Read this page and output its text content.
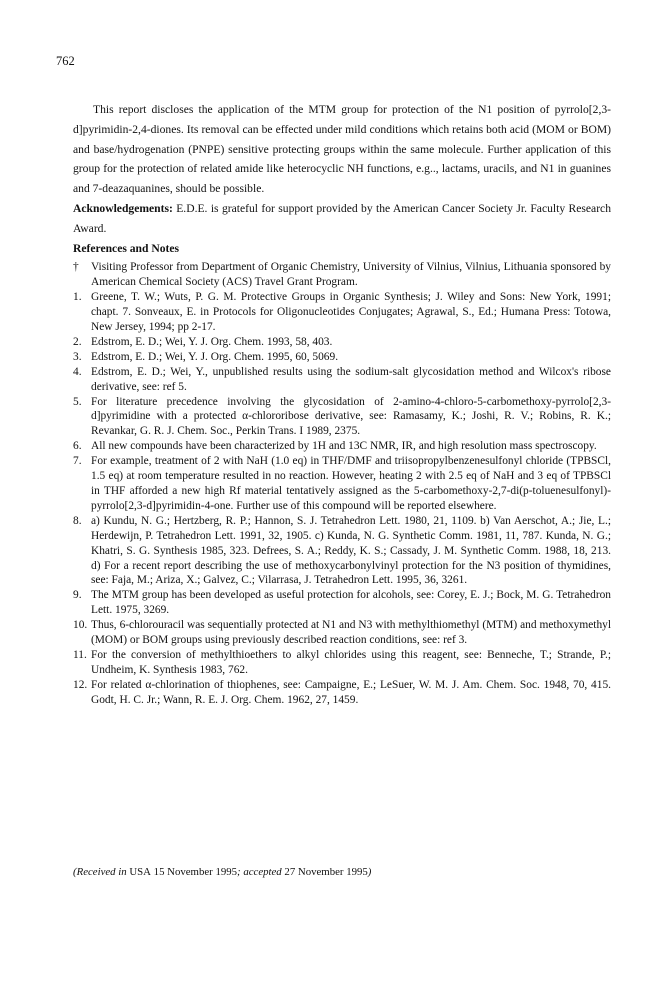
762

This report discloses the application of the MTM group for protection of the N1 position of pyrrolo[2,3-d]pyrimidin-2,4-diones. Its removal can be effected under mild conditions which retains both acid (MOM or BOM) and base/hydrogenation (PNPE) sensitive protecting groups within the same molecule. Further application of this group for the protection of related amide like heterocyclic NH functions, e.g.., lactams, uracils, and N1 in guanines and 7-deazaquanines, should be possible.

Acknowledgements: E.D.E. is grateful for support provided by the American Cancer Society Jr. Faculty Research Award.

References and Notes

†	Visiting Professor from Department of Organic Chemistry, University of Vilnius, Vilnius, Lithuania sponsored by American Chemical Society (ACS) Travel Grant Program.
1. Greene, T. W.; Wuts, P. G. M. Protective Groups in Organic Synthesis; J. Wiley and Sons: New York, 1991; chapt. 7. Sonveaux, E. in Protocols for Oligonucleotides Conjugates; Agrawal, S., Ed.; Humana Press: Totowa, New Jersey, 1994; pp 2-17.
2. Edstrom, E. D.; Wei, Y. J. Org. Chem. 1993, 58, 403.
3. Edstrom, E. D.; Wei, Y. J. Org. Chem. 1995, 60, 5069.
4. Edstrom, E. D.; Wei, Y., unpublished results using the sodium-salt glycosidation method and Wilcox's ribose derivative, see: ref 5.
5. For literature precedence involving the glycosidation of 2-amino-4-chloro-5-carbomethoxy-pyrrolo[2,3-d]pyrimidine with a protected α-chlororibose derivative, see: Ramasamy, K.; Joshi, R. V.; Robins, R. K.; Revankar, G. R. J. Chem. Soc., Perkin Trans. I 1989, 2375.
6. All new compounds have been characterized by 1H and 13C NMR, IR, and high resolution mass spectroscopy.
7. For example, treatment of 2 with NaH (1.0 eq) in THF/DMF and triisopropylbenzenesulfonyl chloride (TPBSCl, 1.5 eq) at room temperature resulted in no reaction. However, heating 2 with 2.5 eq of NaH and 3 eq of TPBSCl in THF afforded a new high Rf material tentatively assigned as the 5-carbomethoxy-2,7-di(p-toluenesulfonyl)-pyrrolo[2,3-d]pyrimidin-4-one. Further use of this compound will be reported elsewhere.
8. a) Kundu, N. G.; Hertzberg, R. P.; Hannon, S. J. Tetrahedron Lett. 1980, 21, 1109. b) Van Aerschot, A.; Jie, L.; Herdewijn, P. Tetrahedron Lett. 1991, 32, 1905. c) Kunda, N. G. Synthetic Comm. 1981, 11, 787. Kunda, N. G.; Khatri, S. G. Synthesis 1985, 323. Defrees, S. A.; Reddy, K. S.; Cassady, J. M. Synthetic Comm. 1988, 18, 213. d) For a recent report describing the use of methoxycarbonylvinyl protection for the N3 position of thymidines, see: Faja, M.; Ariza, X.; Galvez, C.; Vilarrasa, J. Tetrahedron Lett. 1995, 36, 3261.
9. The MTM group has been developed as useful protection for alcohols, see: Corey, E. J.; Bock, M. G. Tetrahedron Lett. 1975, 3269.
10. Thus, 6-chlorouracil was sequentially protected at N1 and N3 with methylthiomethyl (MTM) and methoxymethyl (MOM) or BOM groups using previously described reaction conditions, see: ref 3.
11. For the conversion of methylthioethers to alkyl chlorides using this reagent, see: Benneche, T.; Strande, P.; Undheim, K. Synthesis 1983, 762.
12. For related α-chlorination of thiophenes, see: Campaigne, E.; LeSuer, W. M. J. Am. Chem. Soc. 1948, 70, 415. Godt, H. C. Jr.; Wann, R. E. J. Org. Chem. 1962, 27, 1459.
(Received in USA 15 November 1995; accepted 27 November 1995)
